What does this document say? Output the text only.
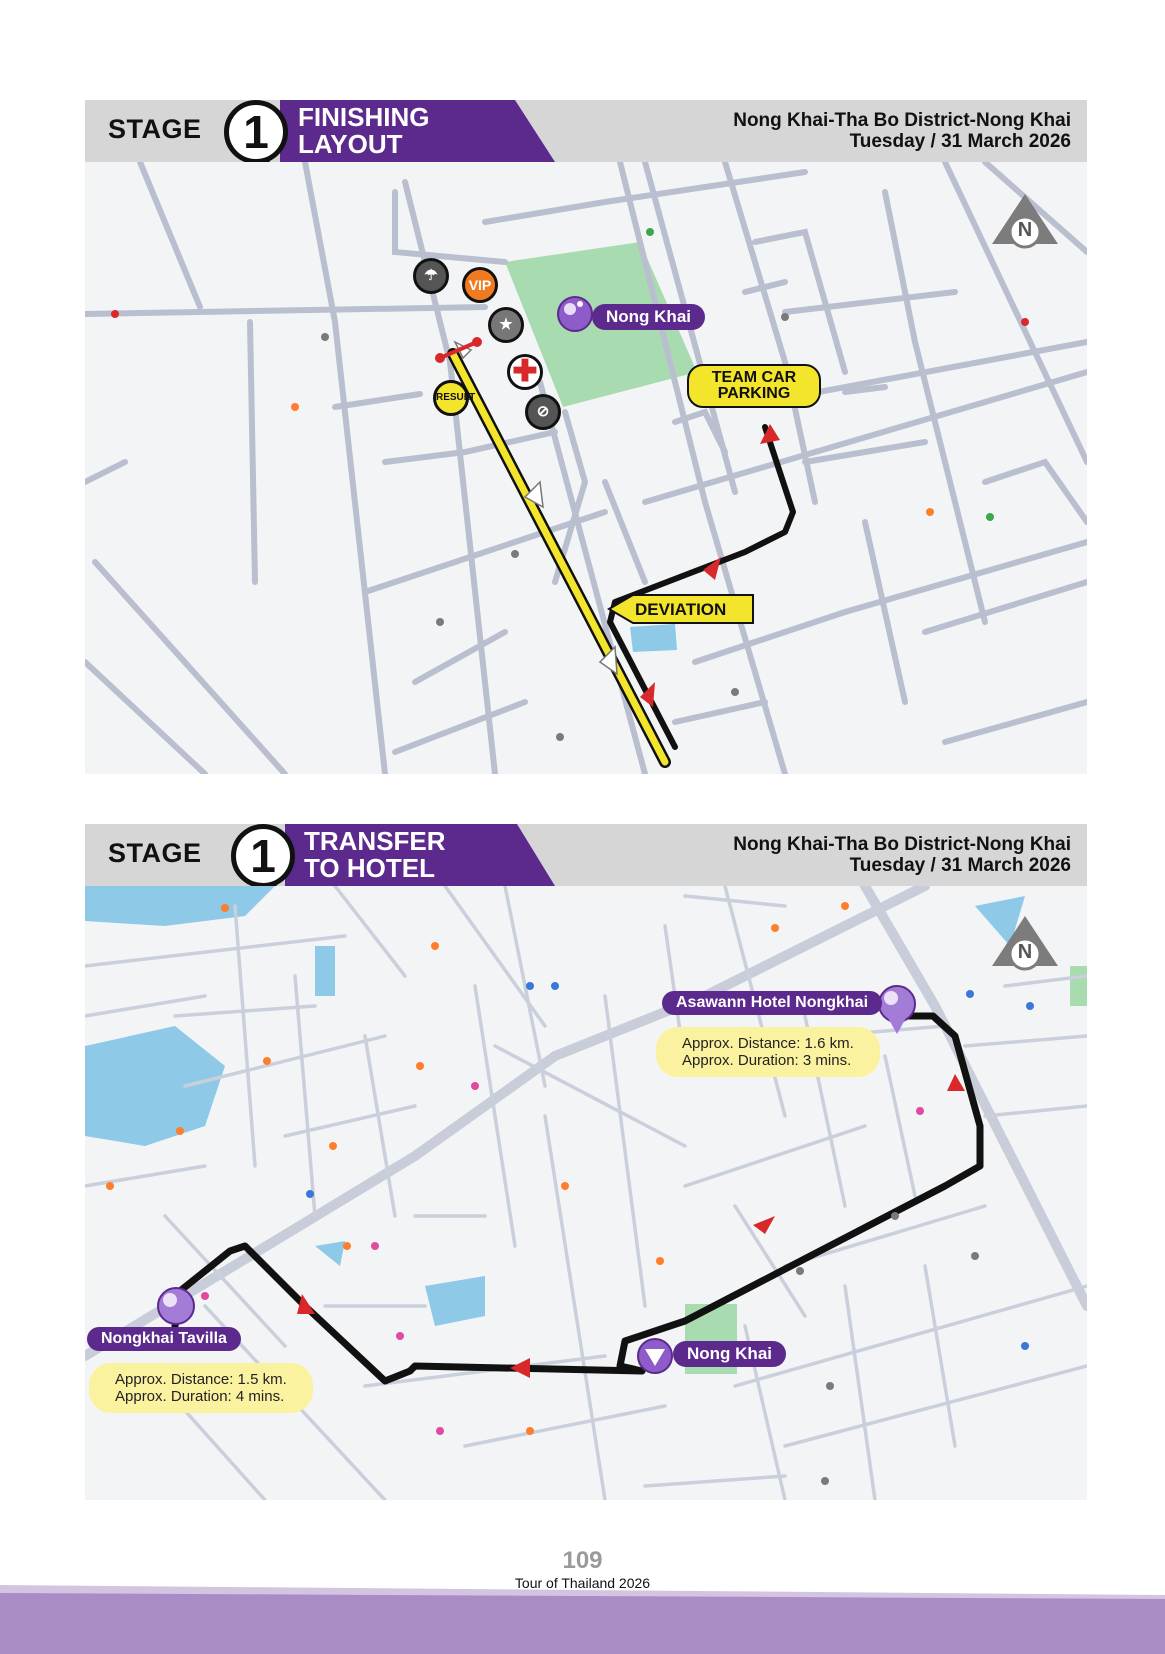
STAGE 1	FINISHING
LAYOUT
Nong Khai-Tha Bo District-Nong Khai
Tuesday / 31 March 2026
☂
VIP
★
✚
⊘
RESULT
Nong Khai
TEAM CAR
PARKING
DEVIATION
N
STAGE	1	TRANSFER
TO HOTEL
Nong Khai-Tha Bo District-Nong Khai
Tuesday / 31 March 2026
Asawann Hotel Nongkhai
Approx. Distance: 1.6 km.
Approx. Duration: 3 mins.
Nongkhai Tavilla
Approx. Distance: 1.5 km.
Approx. Duration: 4 mins.
Nong Khai
N
109
Tour of Thailand 2026
